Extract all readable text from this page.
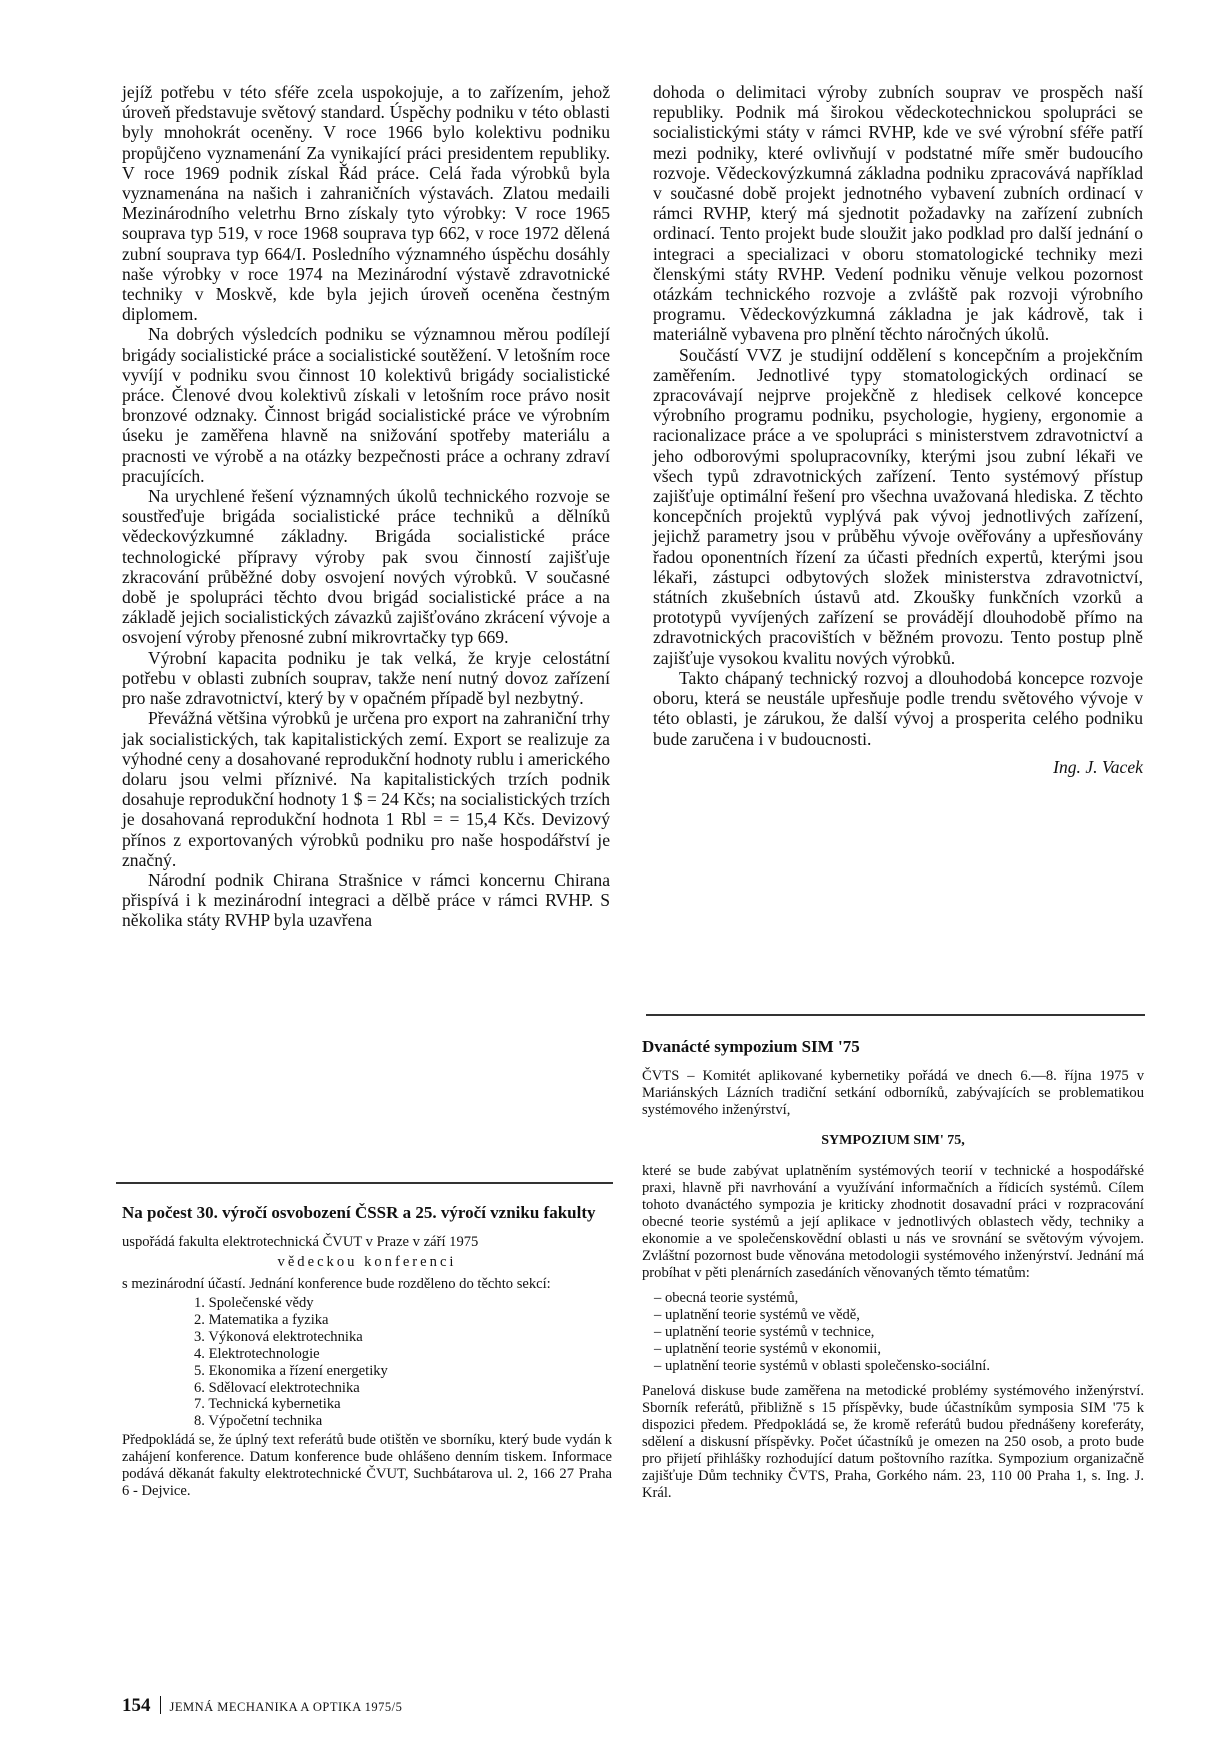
jejíž potřebu v této sféře zcela uspokojuje, a to zařízením, jehož úroveň představuje světový standard. Úspěchy podniku v této oblasti byly mnohokrát oceněny. V roce 1966 bylo kolektivu podniku propůjčeno vyznamenání Za vynikající práci presidentem republiky. V roce 1969 podnik získal Řád práce. Celá řada výrobků byla vyznamenána na našich i zahraničních výstavách. Zlatou medaili Mezinárodního veletrhu Brno získaly tyto výrobky: V roce 1965 souprava typ 519, v roce 1968 souprava typ 662, v roce 1972 dělená zubní souprava typ 664/I. Posledního významného úspěchu dosáhly naše výrobky v roce 1974 na Mezinárodní výstavě zdravotnické techniky v Moskvě, kde byla jejich úroveň oceněna čestným diplomem.

Na dobrých výsledcích podniku se významnou měrou podílejí brigády socialistické práce a socialistické soutěžení. V letošním roce vyvíjí v podniku svou činnost 10 kolektivů brigády socialistické práce. Členové dvou kolektivů získali v letošním roce právo nosit bronzové odznaky. Činnost brigád socialistické práce ve výrobním úseku je zaměřena hlavně na snižování spotřeby materiálu a pracnosti ve výrobě a na otázky bezpečnosti práce a ochrany zdraví pracujících.

Na urychlené řešení významných úkolů technického rozvoje se soustřeďuje brigáda socialistické práce techniků a dělníků vědeckovýzkumné základny. Brigáda socialistické práce technologické přípravy výroby pak svou činností zajišťuje zkracování průběžné doby osvojení nových výrobků. V současné době je spolupráci těchto dvou brigád socialistické práce a na základě jejich socialistických závazků zajišťováno zkrácení vývoje a osvojení výroby přenosné zubní mikrovrtačky typ 669.

Výrobní kapacita podniku je tak velká, že kryje celostátní potřebu v oblasti zubních souprav, takže není nutný dovoz zařízení pro naše zdravotnictví, který by v opačném případě byl nezbytný.

Převážná většina výrobků je určena pro export na zahraniční trhy jak socialistických, tak kapitalistických zemí. Export se realizuje za výhodné ceny a dosahované reprodukční hodnoty rublu i amerického dolaru jsou velmi příznivé. Na kapitalistických trzích podnik dosahuje reprodukční hodnoty 1 $ = 24 Kčs; na socialistických trzích je dosahovaná reprodukční hodnota 1 Rbl = = 15,4 Kčs. Devizový přínos z exportovaných výrobků podniku pro naše hospodářství je značný.

Národní podnik Chirana Strašnice v rámci koncernu Chirana přispívá i k mezinárodní integraci a dělbě práce v rámci RVHP. S několika státy RVHP byla uzavřena

dohoda o delimitaci výroby zubních souprav ve prospěch naší republiky. Podnik má širokou vědeckotechnickou spolupráci se socialistickými státy v rámci RVHP, kde ve své výrobní sféře patří mezi podniky, které ovlivňují v podstatné míře směr budoucího rozvoje. Vědeckovýzkumná základna podniku zpracovává například v současné době projekt jednotného vybavení zubních ordinací v rámci RVHP, který má sjednotit požadavky na zařízení zubních ordinací. Tento projekt bude sloužit jako podklad pro další jednání o integraci a specializaci v oboru stomatologické techniky mezi členskými státy RVHP. Vedení podniku věnuje velkou pozornost otázkám technického rozvoje a zvláště pak rozvoji výrobního programu. Vědeckovýzkumná základna je jak kádrově, tak i materiálně vybavena pro plnění těchto náročných úkolů.

Součástí VVZ je studijní oddělení s koncepčním a projekčním zaměřením. Jednotlivé typy stomatologických ordinací se zpracovávají nejprve projekčně z hledisek celkové koncepce výrobního programu podniku, psychologie, hygieny, ergonomie a racionalizace práce a ve spolupráci s ministerstvem zdravotnictví a jeho odborovými spolupracovníky, kterými jsou zubní lékaři ve všech typů zdravotnických zařízení. Tento systémový přístup zajišťuje optimální řešení pro všechna uvažovaná hlediska. Z těchto koncepčních projektů vyplývá pak vývoj jednotlivých zařízení, jejichž parametry jsou v průběhu vývoje ověřovány a upřesňovány řadou oponentních řízení za účasti předních expertů, kterými jsou lékaři, zástupci odbytových složek ministerstva zdravotnictví, státních zkušebních ústavů atd. Zkoušky funkčních vzorků a prototypů vyvíjených zařízení se provádějí dlouhodobě přímo na zdravotnických pracovištích v běžném provozu. Tento postup plně zajišťuje vysokou kvalitu nových výrobků.

Takto chápaný technický rozvoj a dlouhodobá koncepce rozvoje oboru, která se neustále upřesňuje podle trendu světového vývoje v této oblasti, je zárukou, že další vývoj a prosperita celého podniku bude zaručena i v budoucnosti.

Ing. J. Vacek

Na počest 30. výročí osvobození ČSSR a 25. výročí vzniku fakulty

uspořádá fakulta elektrotechnická ČVUT v Praze v září 1975

vědeckou konferenci

s mezinárodní účastí. Jednání konference bude rozděleno do těchto sekcí:

1. Společenské vědy
2. Matematika a fyzika
3. Výkonová elektrotechnika
4. Elektrotechnologie
5. Ekonomika a řízení energetiky
6. Sdělovací elektrotechnika
7. Technická kybernetika
8. Výpočetní technika

Předpokládá se, že úplný text referátů bude otištěn ve sborníku, který bude vydán k zahájení konference. Datum konference bude ohlášeno denním tiskem. Informace podává děkanát fakulty elektrotechnické ČVUT, Suchbátarova ul. 2, 166 27 Praha 6 - Dejvice.

Dvanácté sympozium SIM '75

ČVTS – Komitét aplikované kybernetiky pořádá ve dnech 6.—8. října 1975 v Mariánských Lázních tradiční setkání odborníků, zabývajících se problematikou systémového inženýrství,

SYMPOZIUM SIM' 75,

které se bude zabývat uplatněním systémových teorií v technické a hospodářské praxi, hlavně při navrhování a využívání informačních a řídicích systémů. Cílem tohoto dvanáctého sympozia je kriticky zhodnotit dosavadní práci v rozpracování obecné teorie systémů a její aplikace v jednotlivých oblastech vědy, techniky a ekonomie a ve společenskovědní oblasti u nás ve srovnání se světovým vývojem. Zvláštní pozornost bude věnována metodologii systémového inženýrství. Jednání má probíhat v pěti plenárních zasedáních věnovaných těmto tématům:

– obecná teorie systémů,
– uplatnění teorie systémů ve vědě,
– uplatnění teorie systémů v technice,
– uplatnění teorie systémů v ekonomii,
– uplatnění teorie systémů v oblasti společensko-sociální.

Panelová diskuse bude zaměřena na metodické problémy systémového inženýrství. Sborník referátů, přibližně s 15 příspěvky, bude účastníkům symposia SIM '75 k dispozici předem. Předpokládá se, že kromě referátů budou přednášeny koreferáty, sdělení a diskusní příspěvky. Počet účastníků je omezen na 250 osob, a proto bude pro přijetí přihlášky rozhodující datum poštovního razítka. Sympozium organizačně zajišťuje Dům techniky ČVTS, Praha, Gorkého nám. 23, 110 00 Praha 1, s. Ing. J. Král.

154 JEMNÁ MECHANIKA A OPTIKA 1975/5
